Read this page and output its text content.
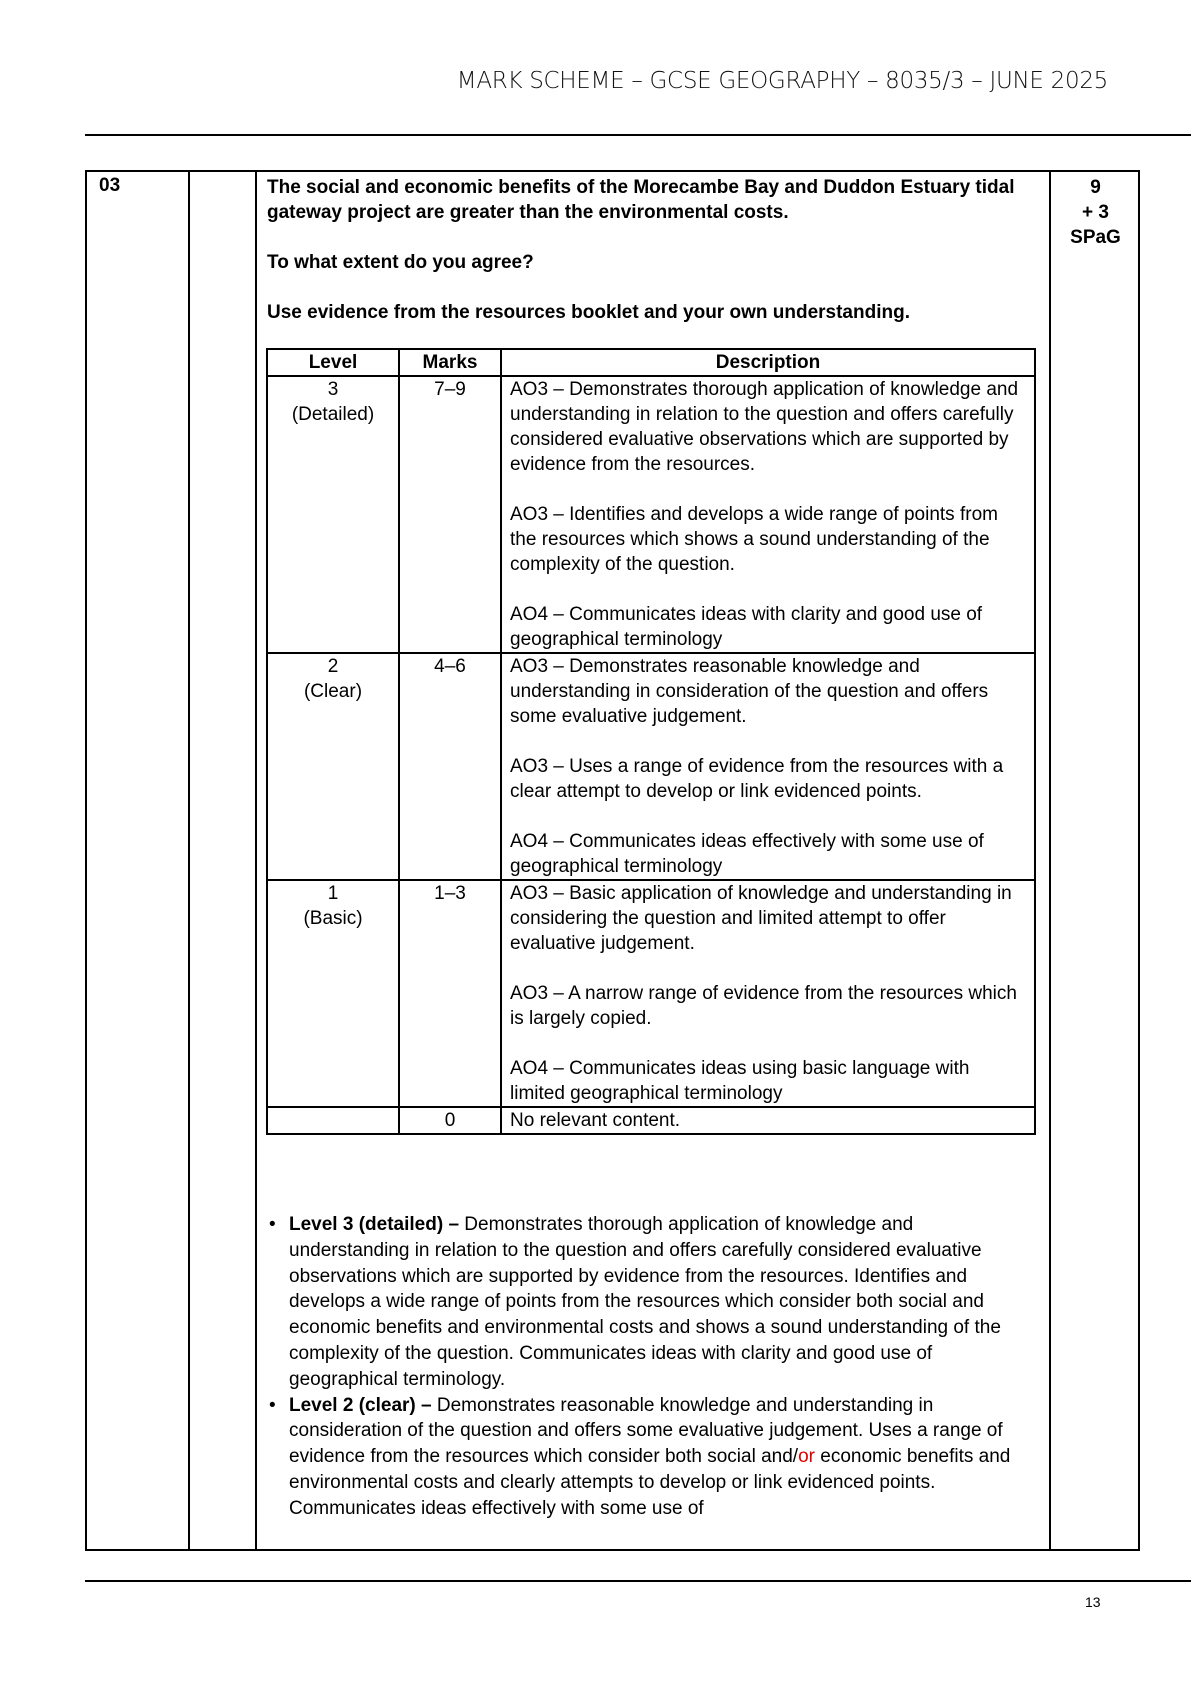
MARK SCHEME – GCSE GEOGRAPHY – 8035/3 – JUNE 2025
03	The social and economic benefits of the Morecambe Bay and Duddon Estuary tidal gateway project are greater than the environmental costs.

To what extent do you agree?

Use evidence from the resources booklet and your own understanding.

9
+ 3
SPaG
Level	Marks	Description

3
(Detailed)
	7–9	AO3 – Demonstrates thorough application of knowledge and understanding in relation to the question and offers carefully considered evaluative observations which are supported by evidence from the resources.

AO3 – Identifies and develops a wide range of points from the resources which shows a sound understanding of the complexity of the question.

AO4 – Communicates ideas with clarity and good use of geographical terminology

2
(Clear)
	4–6	AO3 – Demonstrates reasonable knowledge and understanding in consideration of the question and offers some evaluative judgement.

AO3 – Uses a range of evidence from the resources with a clear attempt to develop or link evidenced points.

AO4 – Communicates ideas effectively with some use of geographical terminology

1
(Basic)
	1–3	AO3 – Basic application of knowledge and understanding in considering the question and limited attempt to offer evaluative judgement.

AO3 – A narrow range of evidence from the resources which is largely copied.

AO4 – Communicates ideas using basic language with limited geographical terminology

	0	No relevant content.

• Level 3 (detailed) – Demonstrates thorough application of knowledge and understanding in relation to the question and offers carefully considered evaluative observations which are supported by evidence from the resources. Identifies and develops a wide range of points from the resources which consider both social and economic benefits and environmental costs and shows a sound understanding of the complexity of the question. Communicates ideas with clarity and good use of geographical terminology.
• Level 2 (clear) – Demonstrates reasonable knowledge and understanding in consideration of the question and offers some evaluative judgement. Uses a range of evidence from the resources which consider both social and/or economic benefits and environmental costs and clearly attempts to develop or link evidenced points. Communicates ideas effectively with some use of
13
